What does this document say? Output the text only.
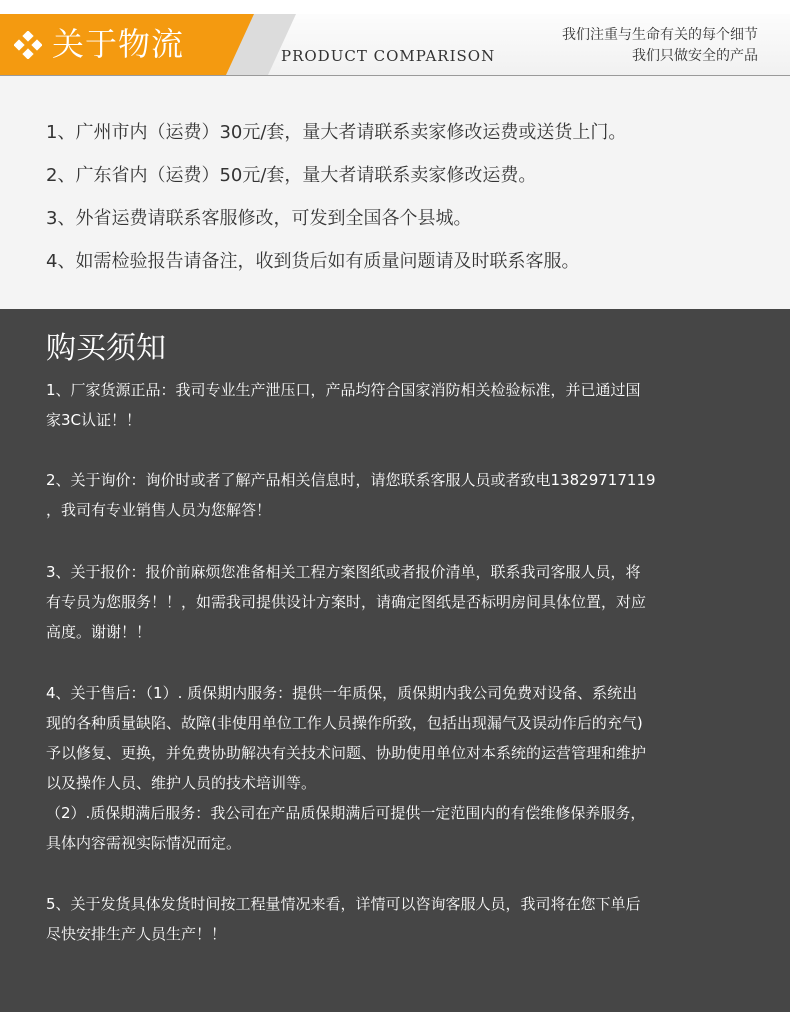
关于物流	PRODUCT COMPARISON
我们注重与生命有关的每个细节
我们只做安全的产品
1、广州市内（运费）30元/套，量大者请联系卖家修改运费或送货上门。
2、广东省内（运费）50元/套，量大者请联系卖家修改运费。
3、外省运费请联系客服修改，可发到全国各个县城。
4、如需检验报告请备注，收到货后如有质量问题请及时联系客服。
购买须知
1、厂家货源正品：我司专业生产泄压口，产品均符合国家消防相关检验标准，并已通过国
家3C认证！！
2、关于询价：询价时或者了解产品相关信息时，请您联系客服人员或者致电13829717119
，我司有专业销售人员为您解答！
3、关于报价：报价前麻烦您准备相关工程方案图纸或者报价清单，联系我司客服人员，将
有专员为您服务！！，如需我司提供设计方案时，请确定图纸是否标明房间具体位置，对应
高度。谢谢！！
4、关于售后：（1）. 质保期内服务：提供一年质保，质保期内我公司免费对设备、系统出
现的各种质量缺陷、故障(非使用单位工作人员操作所致，包括出现漏气及误动作后的充气)
予以修复、更换，并免费协助解决有关技术问题、协助使用单位对本系统的运营管理和维护
以及操作人员、维护人员的技术培训等。
（2）.质保期满后服务：我公司在产品质保期满后可提供一定范围内的有偿维修保养服务，
具体内容需视实际情况而定。
5、关于发货具体发货时间按工程量情况来看，详情可以咨询客服人员，我司将在您下单后
尽快安排生产人员生产！！
